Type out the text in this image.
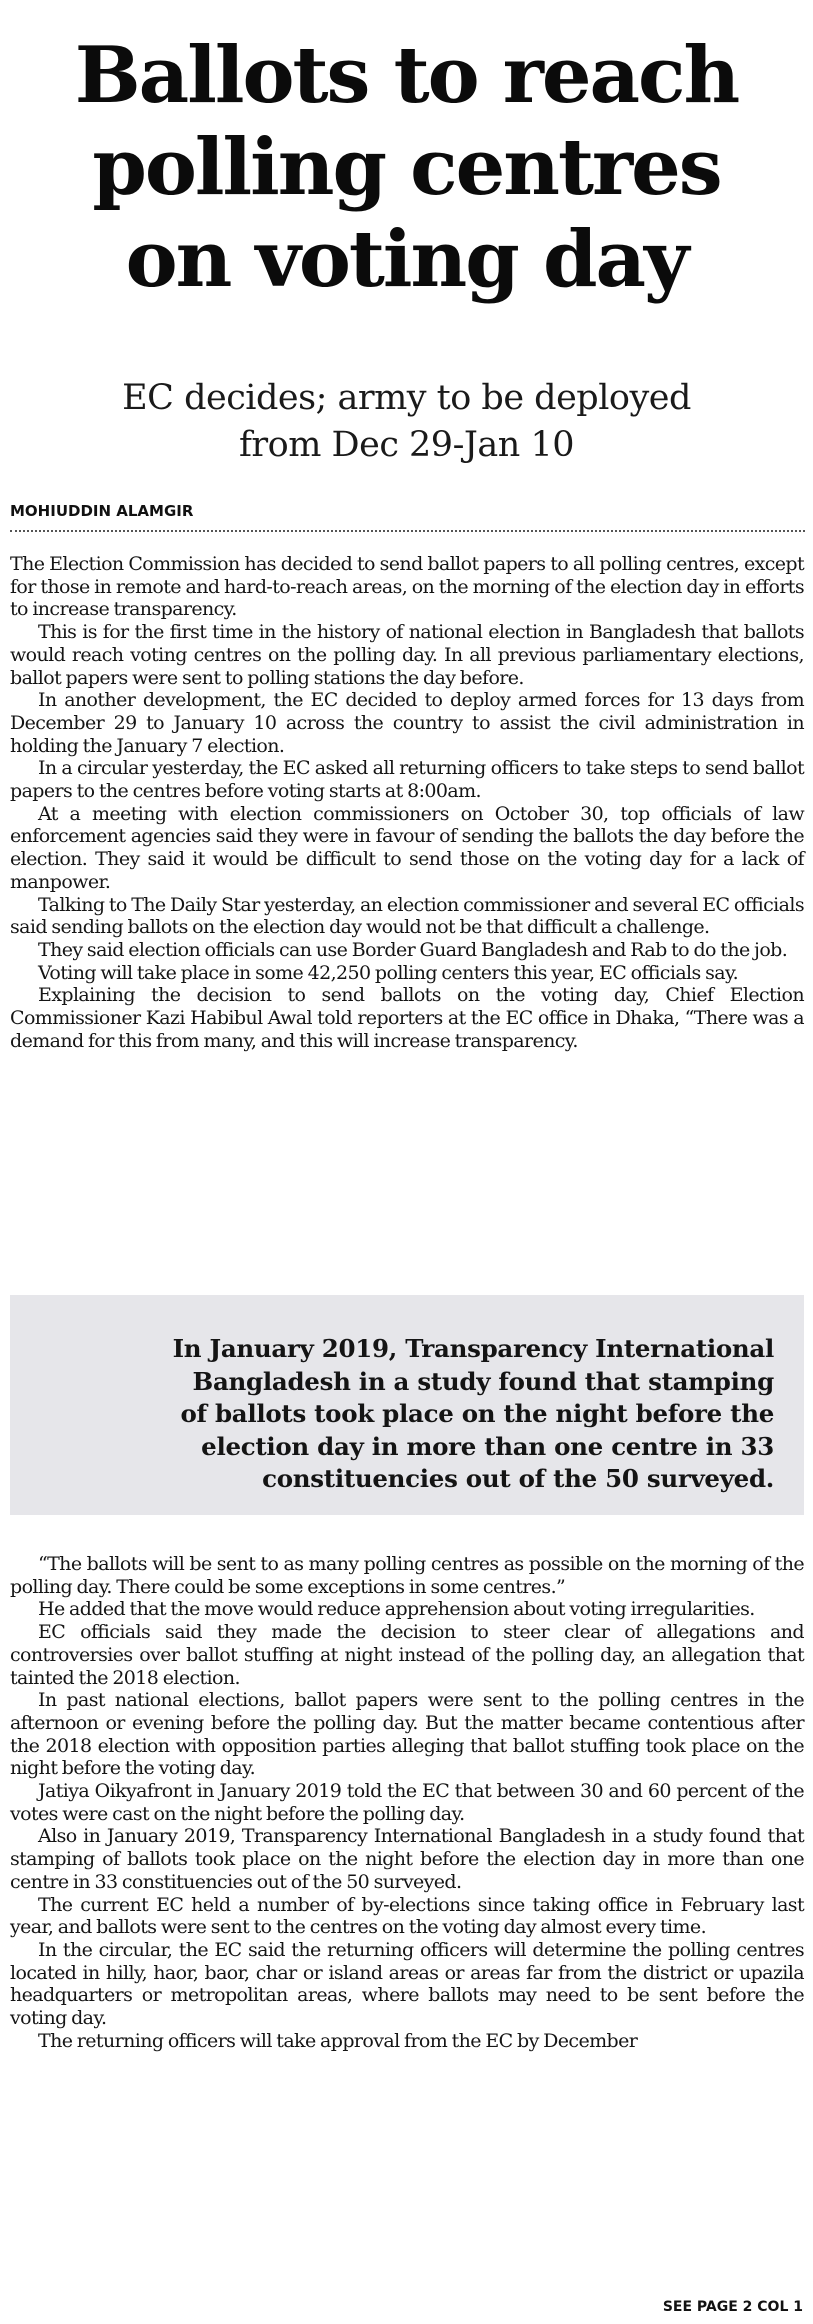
Ballots to reach
polling centres
on voting day
EC decides; army to be deployed
from Dec 29-Jan 10
MOHIUDDIN ALAMGIR

The Election Commission has decided to send ballot papers to all polling centres, except for those in remote and hard-to-reach areas, on the morning of the election day in efforts to increase transparency.

This is for the first time in the history of national election in Bangladesh that ballots would reach voting centres on the polling day. In all previous parliamentary elections, ballot papers were sent to polling stations the day before.

In another development, the EC decided to deploy armed forces for 13 days from December 29 to January 10 across the country to assist the civil administration in holding the January 7 election.

In a circular yesterday, the EC asked all returning officers to take steps to send ballot papers to the centres before voting starts at 8:00am.

At a meeting with election commissioners on October 30, top officials of law enforcement agencies said they were in favour of sending the ballots the day before the election. They said it would be difficult to send those on the voting day for a lack of manpower.

Talking to The Daily Star yesterday, an election commissioner and several EC officials said sending ballots on the election day would not be that difficult a challenge.

They said election officials can use Border Guard Bangladesh and Rab to do the job.

Voting will take place in some 42,250 polling centers this year, EC officials say.

Explaining the decision to send ballots on the voting day, Chief Election Commissioner Kazi Habibul Awal told reporters at the EC office in Dhaka, “There was a demand for this from many, and this will increase transparency.

In January 2019, Transparency International
Bangladesh in a study found that stamping
of ballots took place on the night before the
election day in more than one centre in 33
constituencies out of the 50 surveyed.

“The ballots will be sent to as many polling centres as possible on the morning of the polling day. There could be some exceptions in some centres.”

He added that the move would reduce apprehension about voting irregularities.

EC officials said they made the decision to steer clear of allegations and controversies over ballot stuffing at night instead of the polling day, an allegation that tainted the 2018 election.

In past national elections, ballot papers were sent to the polling centres in the afternoon or evening before the polling day. But the matter became contentious after the 2018 election with opposition parties alleging that ballot stuffing took place on the night before the voting day.

Jatiya Oikyafront in January 2019 told the EC that between 30 and 60 percent of the votes were cast on the night before the polling day.

Also in January 2019, Transparency International Bangladesh in a study found that stamping of ballots took place on the night before the election day in more than one centre in 33 constituencies out of the 50 surveyed.

The current EC held a number of by-elections since taking office in February last year, and ballots were sent to the centres on the voting day almost every time.

In the circular, the EC said the returning officers will determine the polling centres located in hilly, haor, baor, char or island areas or areas far from the district or upazila headquarters or metropolitan areas, where ballots may need to be sent before the voting day.

The returning officers will take approval from the EC by December

SEE PAGE 2 COL 1
